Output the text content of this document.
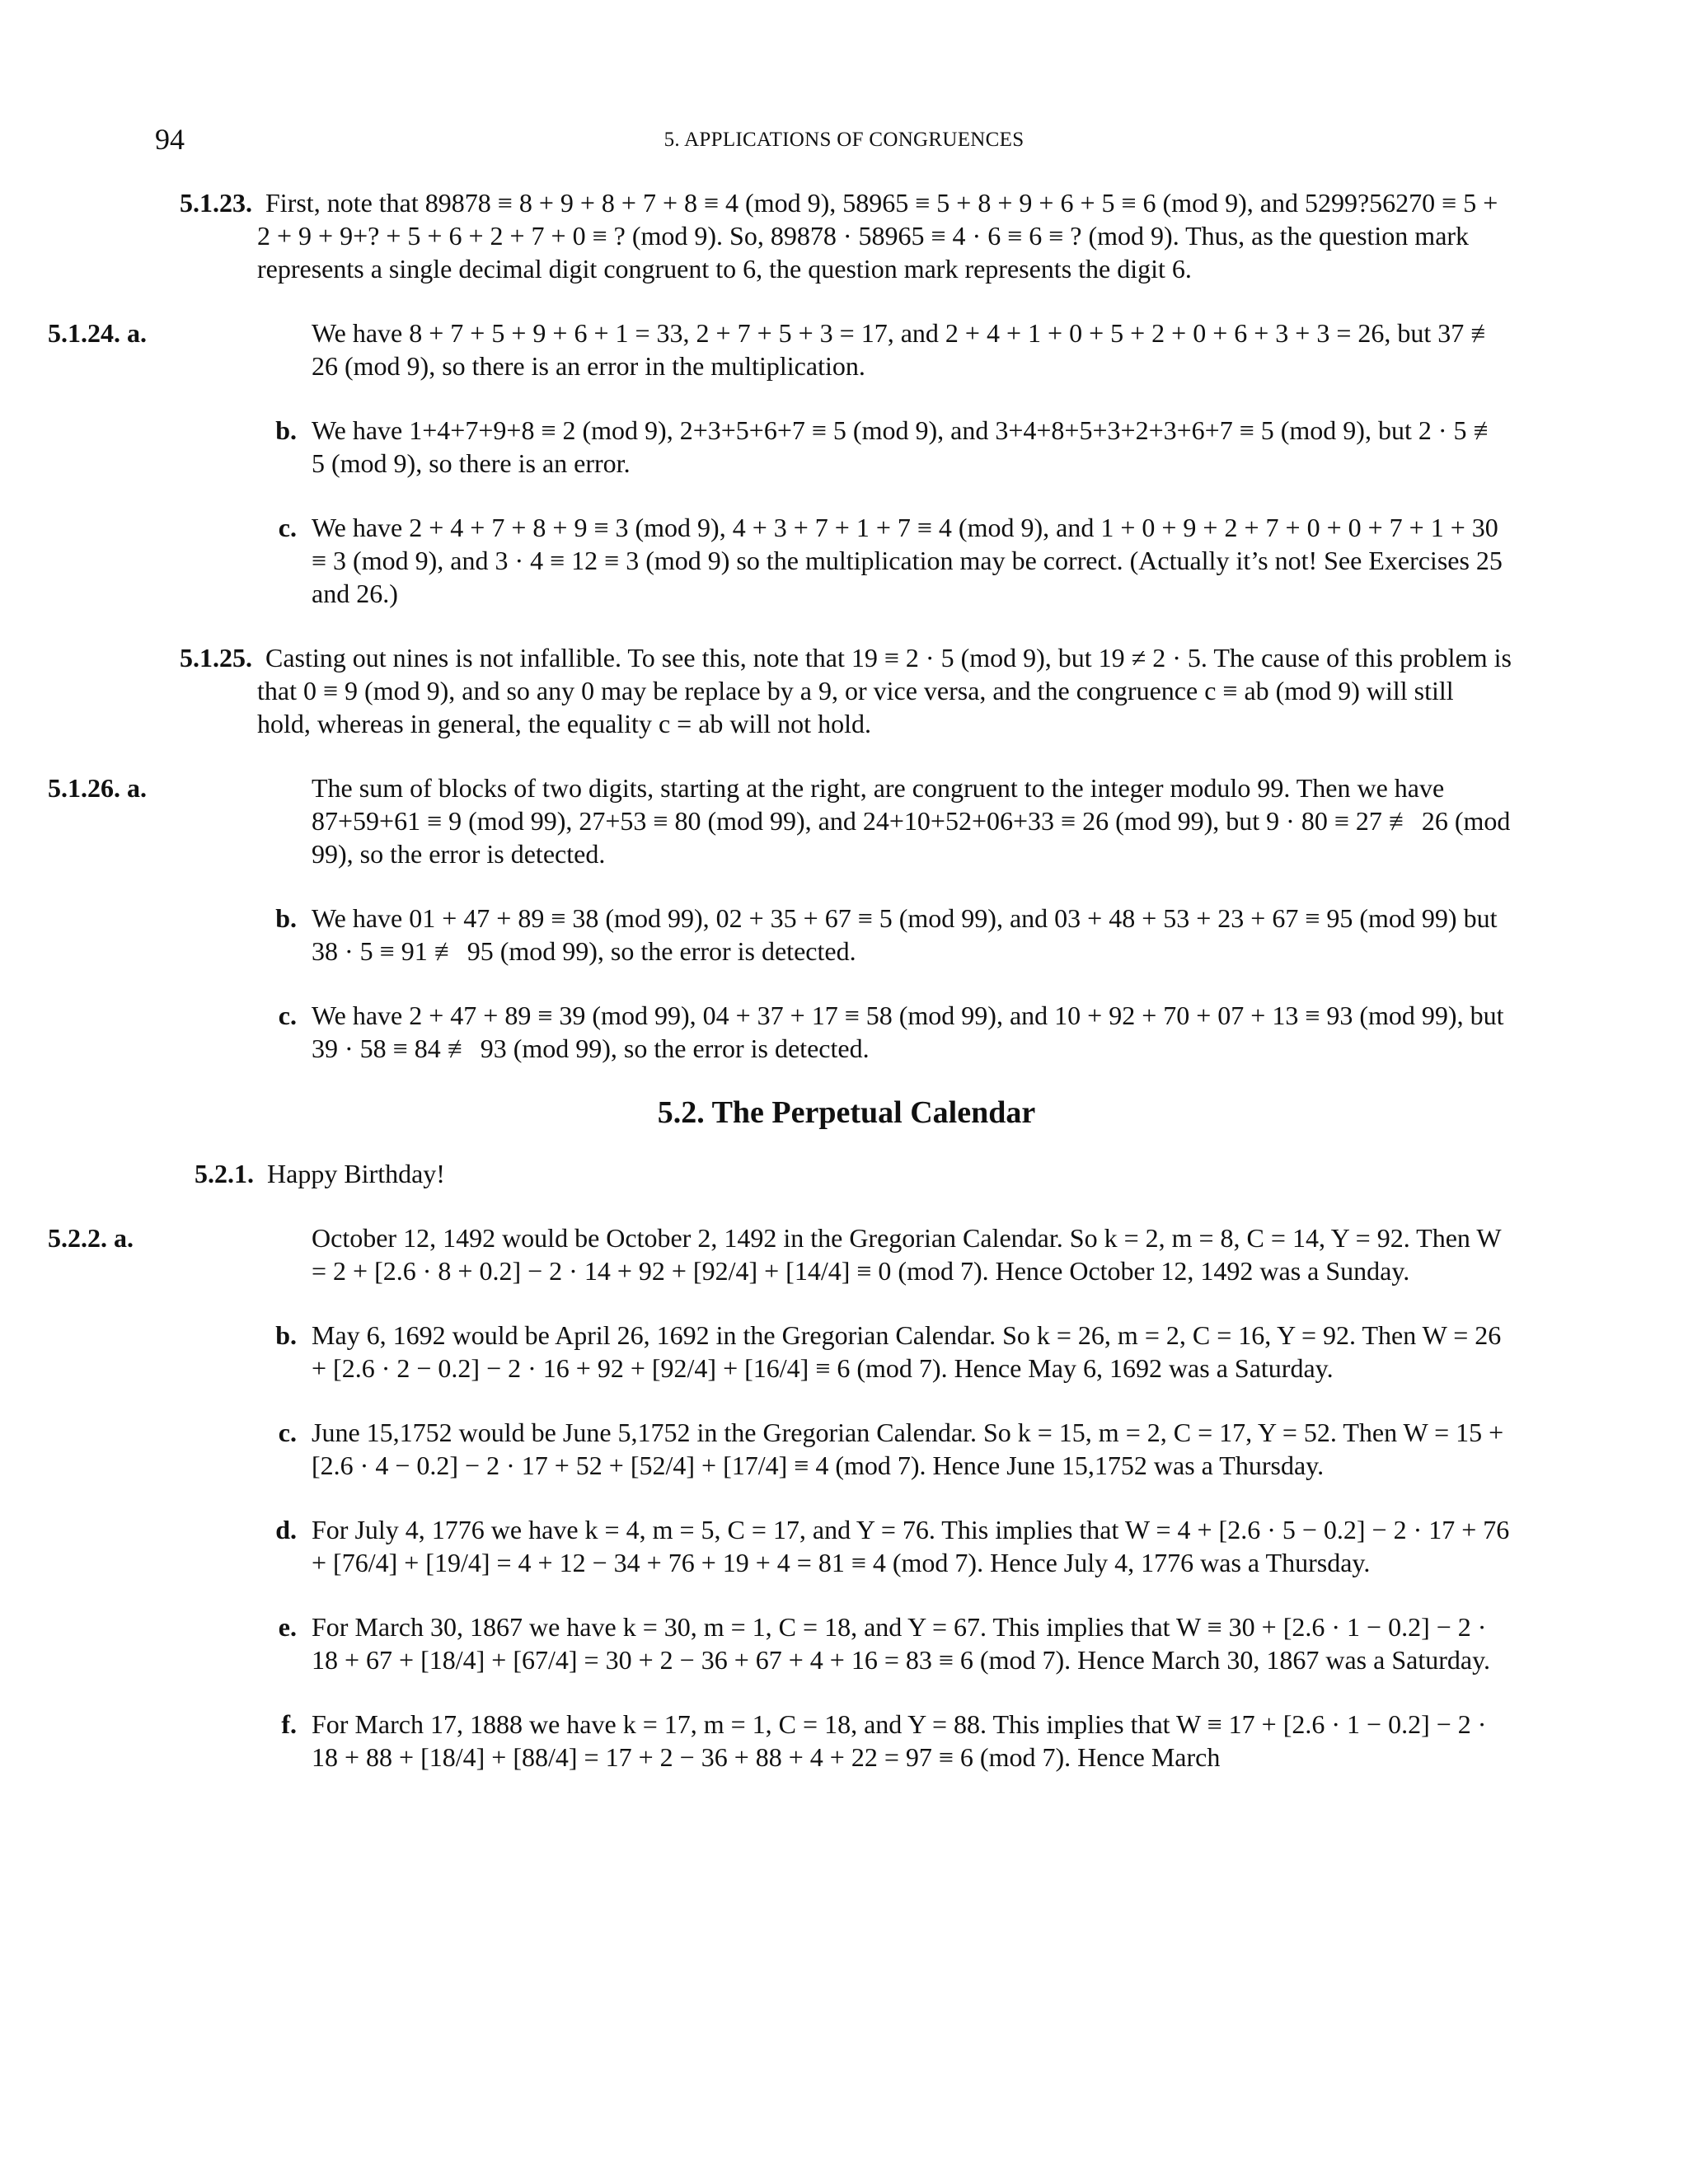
94	5. APPLICATIONS OF CONGRUENCES

5.1.23. First, note that 89878 ≡ 8 + 9 + 8 + 7 + 8 ≡ 4 (mod 9), 58965 ≡ 5 + 8 + 9 + 6 + 5 ≡ 6 (mod 9), and 5299?56270 ≡ 5 + 2 + 9 + 9+? + 5 + 6 + 2 + 7 + 0 ≡ ? (mod 9). So, 89878 · 58965 ≡ 4 · 6 ≡ 6 ≡ ? (mod 9). Thus, as the question mark represents a single decimal digit congruent to 6, the question mark represents the digit 6.

5.1.24. a.	We have 8 + 7 + 5 + 9 + 6 + 1 = 33, 2 + 7 + 5 + 3 = 17, and 2 + 4 + 1 + 0 + 5 + 2 + 0 + 6 + 3 + 3 = 26, but 37 ≢ 26 (mod 9), so there is an error in the multiplication.

b. We have 1+4+7+9+8 ≡ 2 (mod 9), 2+3+5+6+7 ≡ 5 (mod 9), and 3+4+8+5+3+2+3+6+7 ≡ 5 (mod 9), but 2 · 5 ≢ 5 (mod 9), so there is an error.

c. We have 2 + 4 + 7 + 8 + 9 ≡ 3 (mod 9), 4 + 3 + 7 + 1 + 7 ≡ 4 (mod 9), and 1 + 0 + 9 + 2 + 7 + 0 + 0 + 7 + 1 + 30 ≡ 3 (mod 9), and 3 · 4 ≡ 12 ≡ 3 (mod 9) so the multiplication may be correct. (Actually it’s not! See Exercises 25 and 26.)

5.1.25. Casting out nines is not infallible. To see this, note that 19 ≡ 2 · 5 (mod 9), but 19 ≠ 2 · 5. The cause of this problem is that 0 ≡ 9 (mod 9), and so any 0 may be replace by a 9, or vice versa, and the congruence c ≡ ab (mod 9) will still hold, whereas in general, the equality c = ab will not hold.

5.1.26. a.	The sum of blocks of two digits, starting at the right, are congruent to the integer modulo 99. Then we have 87+59+61 ≡ 9 (mod 99), 27+53 ≡ 80 (mod 99), and 24+10+52+06+33 ≡ 26 (mod 99), but 9 · 80 ≡ 27 ≢ 26 (mod 99), so the error is detected.

b. We have 01 + 47 + 89 ≡ 38 (mod 99), 02 + 35 + 67 ≡ 5 (mod 99), and 03 + 48 + 53 + 23 + 67 ≡ 95 (mod 99) but 38 · 5 ≡ 91 ≢ 95 (mod 99), so the error is detected.

c. We have 2 + 47 + 89 ≡ 39 (mod 99), 04 + 37 + 17 ≡ 58 (mod 99), and 10 + 92 + 70 + 07 + 13 ≡ 93 (mod 99), but 39 · 58 ≡ 84 ≢ 93 (mod 99), so the error is detected.

5.2. The Perpetual Calendar

5.2.1. Happy Birthday!

5.2.2. a.	October 12, 1492 would be October 2, 1492 in the Gregorian Calendar. So k = 2, m = 8, C = 14, Y = 92. Then W = 2 + [2.6 · 8 + 0.2] − 2 · 14 + 92 + [92/4] + [14/4] ≡ 0 (mod 7). Hence October 12, 1492 was a Sunday.

b. May 6, 1692 would be April 26, 1692 in the Gregorian Calendar. So k = 26, m = 2, C = 16, Y = 92. Then W = 26 + [2.6 · 2 − 0.2] − 2 · 16 + 92 + [92/4] + [16/4] ≡ 6 (mod 7). Hence May 6, 1692 was a Saturday.

c. June 15,1752 would be June 5,1752 in the Gregorian Calendar. So k = 15, m = 2, C = 17, Y = 52. Then W = 15 + [2.6 · 4 − 0.2] − 2 · 17 + 52 + [52/4] + [17/4] ≡ 4 (mod 7). Hence June 15,1752 was a Thursday.

d. For July 4, 1776 we have k = 4, m = 5, C = 17, and Y = 76. This implies that W = 4 + [2.6 · 5 − 0.2] − 2 · 17 + 76 + [76/4] + [19/4] = 4 + 12 − 34 + 76 + 19 + 4 = 81 ≡ 4 (mod 7). Hence July 4, 1776 was a Thursday.

e. For March 30, 1867 we have k = 30, m = 1, C = 18, and Y = 67. This implies that W ≡ 30 + [2.6 · 1 − 0.2] − 2 · 18 + 67 + [18/4] + [67/4] = 30 + 2 − 36 + 67 + 4 + 16 = 83 ≡ 6 (mod 7). Hence March 30, 1867 was a Saturday.

f. For March 17, 1888 we have k = 17, m = 1, C = 18, and Y = 88. This implies that W ≡ 17 + [2.6 · 1 − 0.2] − 2 · 18 + 88 + [18/4] + [88/4] = 17 + 2 − 36 + 88 + 4 + 22 = 97 ≡ 6 (mod 7). Hence March
